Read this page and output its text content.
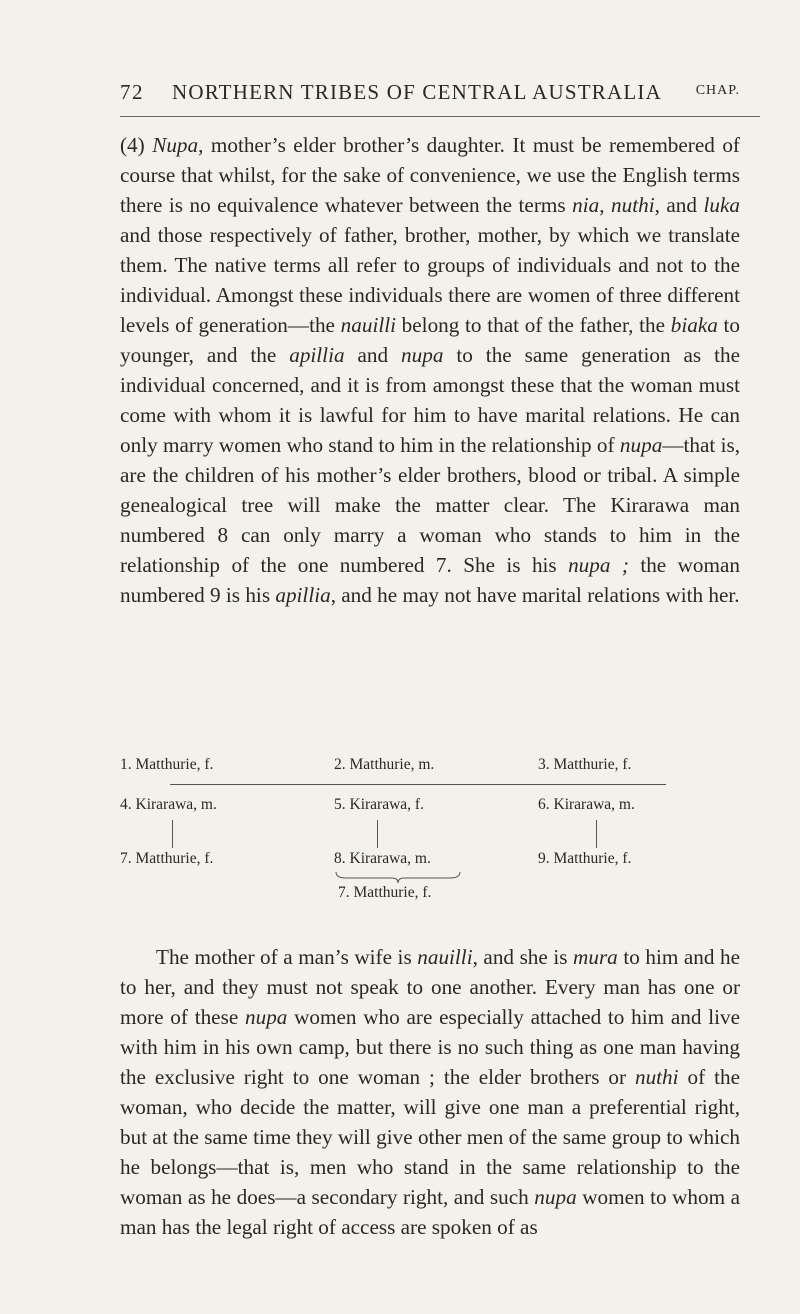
72	NORTHERN TRIBES OF CENTRAL AUSTRALIA	CHAP.

(4) Nupa, mother’s elder brother’s daughter. It must be remembered of course that whilst, for the sake of convenience, we use the English terms there is no equivalence whatever between the terms nia, nuthi, and luka and those respectively of father, brother, mother, by which we translate them. The native terms all refer to groups of individuals and not to the individual. Amongst these individuals there are women of three different levels of generation—the nauilli belong to that of the father, the biaka to younger, and the apillia and nupa to the same generation as the individual concerned, and it is from amongst these that the woman must come with whom it is lawful for him to have marital relations. He can only marry women who stand to him in the relationship of nupa—that is, are the children of his mother’s elder brothers, blood or tribal. A simple genealogical tree will make the matter clear. The Kirarawa man numbered 8 can only marry a woman who stands to him in the relationship of the one numbered 7. She is his nupa ; the woman numbered 9 is his apillia, and he may not have marital relations with her.

1. Matthurie, f.	2. Matthurie, m.	3. Matthurie, f.
4. Kirarawa, m.	5. Kirarawa, f.	6. Kirarawa, m.
7. Matthurie, f.	8. Kirarawa, m.	9. Matthurie, f.
7. Matthurie, f.

The mother of a man’s wife is nauilli, and she is mura to him and he to her, and they must not speak to one another. Every man has one or more of these nupa women who are especially attached to him and live with him in his own camp, but there is no such thing as one man having the exclusive right to one woman ; the elder brothers or nuthi of the woman, who decide the matter, will give one man a preferential right, but at the same time they will give other men of the same group to which he belongs—that is, men who stand in the same relationship to the woman as he does—a secondary right, and such nupa women to whom a man has the legal right of access are spoken of as
